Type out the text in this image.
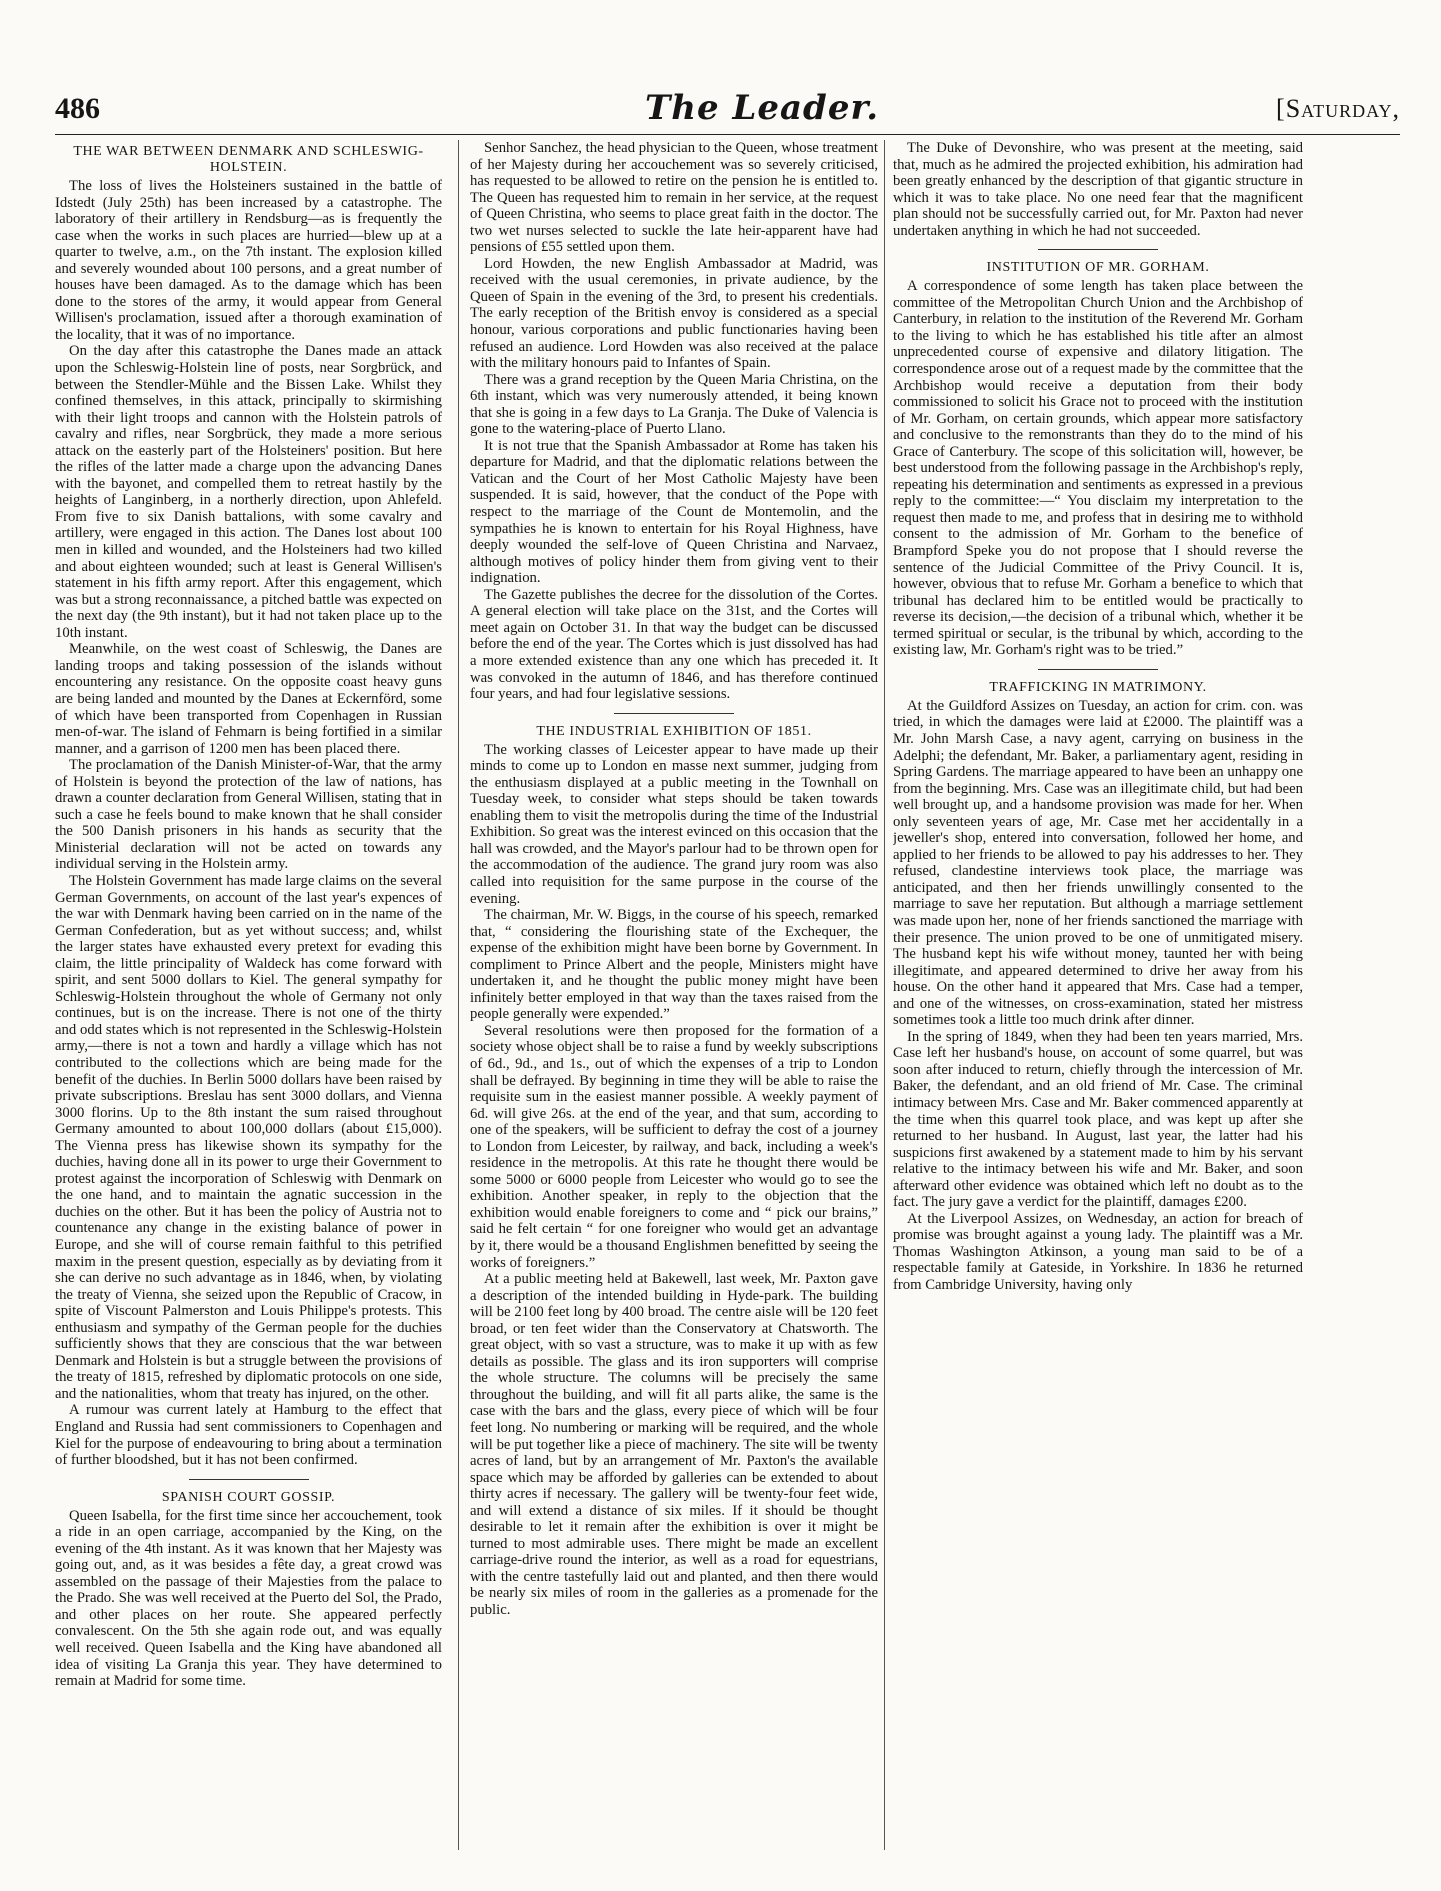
486	The Leader.	[Saturday,
THE WAR BETWEEN DENMARK AND SCHLESWIG-HOLSTEIN.

The loss of lives the Holsteiners sustained in the battle of Idstedt (July 25th) has been increased by a catastrophe. The laboratory of their artillery in Rendsburg—as is frequently the case when the works in such places are hurried—blew up at a quarter to twelve, a.m., on the 7th instant. The explosion killed and severely wounded about 100 persons, and a great number of houses have been damaged. As to the damage which has been done to the stores of the army, it would appear from General Willisen's proclamation, issued after a thorough examination of the locality, that it was of no importance.

On the day after this catastrophe the Danes made an attack upon the Schleswig-Holstein line of posts, near Sorgbrück, and between the Stendler-Mühle and the Bissen Lake. Whilst they confined themselves, in this attack, principally to skirmishing with their light troops and cannon with the Holstein patrols of cavalry and rifles, near Sorgbrück, they made a more serious attack on the easterly part of the Holsteiners' position. But here the rifles of the latter made a charge upon the advancing Danes with the bayonet, and compelled them to retreat hastily by the heights of Langinberg, in a northerly direction, upon Ahlefeld. From five to six Danish battalions, with some cavalry and artillery, were engaged in this action. The Danes lost about 100 men in killed and wounded, and the Holsteiners had two killed and about eighteen wounded; such at least is General Willisen's statement in his fifth army report. After this engagement, which was but a strong reconnaissance, a pitched battle was expected on the next day (the 9th instant), but it had not taken place up to the 10th instant.

Meanwhile, on the west coast of Schleswig, the Danes are landing troops and taking possession of the islands without encountering any resistance. On the opposite coast heavy guns are being landed and mounted by the Danes at Eckernförd, some of which have been transported from Copenhagen in Russian men-of-war. The island of Fehmarn is being fortified in a similar manner, and a garrison of 1200 men has been placed there.

The proclamation of the Danish Minister-of-War, that the army of Holstein is beyond the protection of the law of nations, has drawn a counter declaration from General Willisen, stating that in such a case he feels bound to make known that he shall consider the 500 Danish prisoners in his hands as security that the Ministerial declaration will not be acted on towards any individual serving in the Holstein army.

The Holstein Government has made large claims on the several German Governments, on account of the last year's expences of the war with Denmark having been carried on in the name of the German Confederation, but as yet without success; and, whilst the larger states have exhausted every pretext for evading this claim, the little principality of Waldeck has come forward with spirit, and sent 5000 dollars to Kiel. The general sympathy for Schleswig-Holstein throughout the whole of Germany not only continues, but is on the increase. There is not one of the thirty and odd states which is not represented in the Schleswig-Holstein army,—there is not a town and hardly a village which has not contributed to the collections which are being made for the benefit of the duchies. In Berlin 5000 dollars have been raised by private subscriptions. Breslau has sent 3000 dollars, and Vienna 3000 florins. Up to the 8th instant the sum raised throughout Germany amounted to about 100,000 dollars (about £15,000). The Vienna press has likewise shown its sympathy for the duchies, having done all in its power to urge their Government to protest against the incorporation of Schleswig with Denmark on the one hand, and to maintain the agnatic succession in the duchies on the other. But it has been the policy of Austria not to countenance any change in the existing balance of power in Europe, and she will of course remain faithful to this petrified maxim in the present question, especially as by deviating from it she can derive no such advantage as in 1846, when, by violating the treaty of Vienna, she seized upon the Republic of Cracow, in spite of Viscount Palmerston and Louis Philippe's protests. This enthusiasm and sympathy of the German people for the duchies sufficiently shows that they are conscious that the war between Denmark and Holstein is but a struggle between the provisions of the treaty of 1815, refreshed by diplomatic protocols on one side, and the nationalities, whom that treaty has injured, on the other.

A rumour was current lately at Hamburg to the effect that England and Russia had sent commissioners to Copenhagen and Kiel for the purpose of endeavouring to bring about a termination of further bloodshed, but it has not been confirmed.

SPANISH COURT GOSSIP.

Queen Isabella, for the first time since her accouchement, took a ride in an open carriage, accompanied by the King, on the evening of the 4th instant. As it was known that her Majesty was going out, and, as it was besides a fête day, a great crowd was assembled on the passage of their Majesties from the palace to the Prado. She was well received at the Puerto del Sol, the Prado, and other places on her route. She appeared perfectly convalescent. On the 5th she again rode out, and was equally well received. Queen Isabella and the King have abandoned all idea of visiting La Granja this year. They have determined to remain at Madrid for some time.

Senhor Sanchez, the head physician to the Queen, whose treatment of her Majesty during her accouchement was so severely criticised, has requested to be allowed to retire on the pension he is entitled to. The Queen has requested him to remain in her service, at the request of Queen Christina, who seems to place great faith in the doctor. The two wet nurses selected to suckle the late heir-apparent have had pensions of £55 settled upon them.

Lord Howden, the new English Ambassador at Madrid, was received with the usual ceremonies, in private audience, by the Queen of Spain in the evening of the 3rd, to present his credentials. The early reception of the British envoy is considered as a special honour, various corporations and public functionaries having been refused an audience. Lord Howden was also received at the palace with the military honours paid to Infantes of Spain.

There was a grand reception by the Queen Maria Christina, on the 6th instant, which was very numerously attended, it being known that she is going in a few days to La Granja. The Duke of Valencia is gone to the watering-place of Puerto Llano.

It is not true that the Spanish Ambassador at Rome has taken his departure for Madrid, and that the diplomatic relations between the Vatican and the Court of her Most Catholic Majesty have been suspended. It is said, however, that the conduct of the Pope with respect to the marriage of the Count de Montemolin, and the sympathies he is known to entertain for his Royal Highness, have deeply wounded the self-love of Queen Christina and Narvaez, although motives of policy hinder them from giving vent to their indignation.

The Gazette publishes the decree for the dissolution of the Cortes. A general election will take place on the 31st, and the Cortes will meet again on October 31. In that way the budget can be discussed before the end of the year. The Cortes which is just dissolved has had a more extended existence than any one which has preceded it. It was convoked in the autumn of 1846, and has therefore continued four years, and had four legislative sessions.

THE INDUSTRIAL EXHIBITION OF 1851.

The working classes of Leicester appear to have made up their minds to come up to London en masse next summer, judging from the enthusiasm displayed at a public meeting in the Townhall on Tuesday week, to consider what steps should be taken towards enabling them to visit the metropolis during the time of the Industrial Exhibition. So great was the interest evinced on this occasion that the hall was crowded, and the Mayor's parlour had to be thrown open for the accommodation of the audience. The grand jury room was also called into requisition for the same purpose in the course of the evening.

The chairman, Mr. W. Biggs, in the course of his speech, remarked that, “ considering the flourishing state of the Exchequer, the expense of the exhibition might have been borne by Government. In compliment to Prince Albert and the people, Ministers might have undertaken it, and he thought the public money might have been infinitely better employed in that way than the taxes raised from the people generally were expended.”

Several resolutions were then proposed for the formation of a society whose object shall be to raise a fund by weekly subscriptions of 6d., 9d., and 1s., out of which the expenses of a trip to London shall be defrayed. By beginning in time they will be able to raise the requisite sum in the easiest manner possible. A weekly payment of 6d. will give 26s. at the end of the year, and that sum, according to one of the speakers, will be sufficient to defray the cost of a journey to London from Leicester, by railway, and back, including a week's residence in the metropolis. At this rate he thought there would be some 5000 or 6000 people from Leicester who would go to see the exhibition. Another speaker, in reply to the objection that the exhibition would enable foreigners to come and “ pick our brains,” said he felt certain “ for one foreigner who would get an advantage by it, there would be a thousand Englishmen benefitted by seeing the works of foreigners.”

At a public meeting held at Bakewell, last week, Mr. Paxton gave a description of the intended building in Hyde-park. The building will be 2100 feet long by 400 broad. The centre aisle will be 120 feet broad, or ten feet wider than the Conservatory at Chatsworth. The great object, with so vast a structure, was to make it up with as few details as possible. The glass and its iron supporters will comprise the whole structure. The columns will be precisely the same throughout the building, and will fit all parts alike, the same is the case with the bars and the glass, every piece of which will be four feet long. No numbering or marking will be required, and the whole will be put together like a piece of machinery. The site will be twenty acres of land, but by an arrangement of Mr. Paxton's the available space which may be afforded by galleries can be extended to about thirty acres if necessary. The gallery will be twenty-four feet wide, and will extend a distance of six miles. If it should be thought desirable to let it remain after the exhibition is over it might be turned to most admirable uses. There might be made an excellent carriage-drive round the interior, as well as a road for equestrians, with the centre tastefully laid out and planted, and then there would be nearly six miles of room in the galleries as a promenade for the public.

The Duke of Devonshire, who was present at the meeting, said that, much as he admired the projected exhibition, his admiration had been greatly enhanced by the description of that gigantic structure in which it was to take place. No one need fear that the magnificent plan should not be successfully carried out, for Mr. Paxton had never undertaken anything in which he had not succeeded.

INSTITUTION OF MR. GORHAM.

A correspondence of some length has taken place between the committee of the Metropolitan Church Union and the Archbishop of Canterbury, in relation to the institution of the Reverend Mr. Gorham to the living to which he has established his title after an almost unprecedented course of expensive and dilatory litigation. The correspondence arose out of a request made by the committee that the Archbishop would receive a deputation from their body commissioned to solicit his Grace not to proceed with the institution of Mr. Gorham, on certain grounds, which appear more satisfactory and conclusive to the remonstrants than they do to the mind of his Grace of Canterbury. The scope of this solicitation will, however, be best understood from the following passage in the Archbishop's reply, repeating his determination and sentiments as expressed in a previous reply to the committee:—“ You disclaim my interpretation to the request then made to me, and profess that in desiring me to withhold consent to the admission of Mr. Gorham to the benefice of Brampford Speke you do not propose that I should reverse the sentence of the Judicial Committee of the Privy Council. It is, however, obvious that to refuse Mr. Gorham a benefice to which that tribunal has declared him to be entitled would be practically to reverse its decision,—the decision of a tribunal which, whether it be termed spiritual or secular, is the tribunal by which, according to the existing law, Mr. Gorham's right was to be tried.”

TRAFFICKING IN MATRIMONY.

At the Guildford Assizes on Tuesday, an action for crim. con. was tried, in which the damages were laid at £2000. The plaintiff was a Mr. John Marsh Case, a navy agent, carrying on business in the Adelphi; the defendant, Mr. Baker, a parliamentary agent, residing in Spring Gardens. The marriage appeared to have been an unhappy one from the beginning. Mrs. Case was an illegitimate child, but had been well brought up, and a handsome provision was made for her. When only seventeen years of age, Mr. Case met her accidentally in a jeweller's shop, entered into conversation, followed her home, and applied to her friends to be allowed to pay his addresses to her. They refused, clandestine interviews took place, the marriage was anticipated, and then her friends unwillingly consented to the marriage to save her reputation. But although a marriage settlement was made upon her, none of her friends sanctioned the marriage with their presence. The union proved to be one of unmitigated misery. The husband kept his wife without money, taunted her with being illegitimate, and appeared determined to drive her away from his house. On the other hand it appeared that Mrs. Case had a temper, and one of the witnesses, on cross-examination, stated her mistress sometimes took a little too much drink after dinner.

In the spring of 1849, when they had been ten years married, Mrs. Case left her husband's house, on account of some quarrel, but was soon after induced to return, chiefly through the intercession of Mr. Baker, the defendant, and an old friend of Mr. Case. The criminal intimacy between Mrs. Case and Mr. Baker commenced apparently at the time when this quarrel took place, and was kept up after she returned to her husband. In August, last year, the latter had his suspicions first awakened by a statement made to him by his servant relative to the intimacy between his wife and Mr. Baker, and soon afterward other evidence was obtained which left no doubt as to the fact. The jury gave a verdict for the plaintiff, damages £200.

At the Liverpool Assizes, on Wednesday, an action for breach of promise was brought against a young lady. The plaintiff was a Mr. Thomas Washington Atkinson, a young man said to be of a respectable family at Gateside, in Yorkshire. In 1836 he returned from Cambridge University, having only
